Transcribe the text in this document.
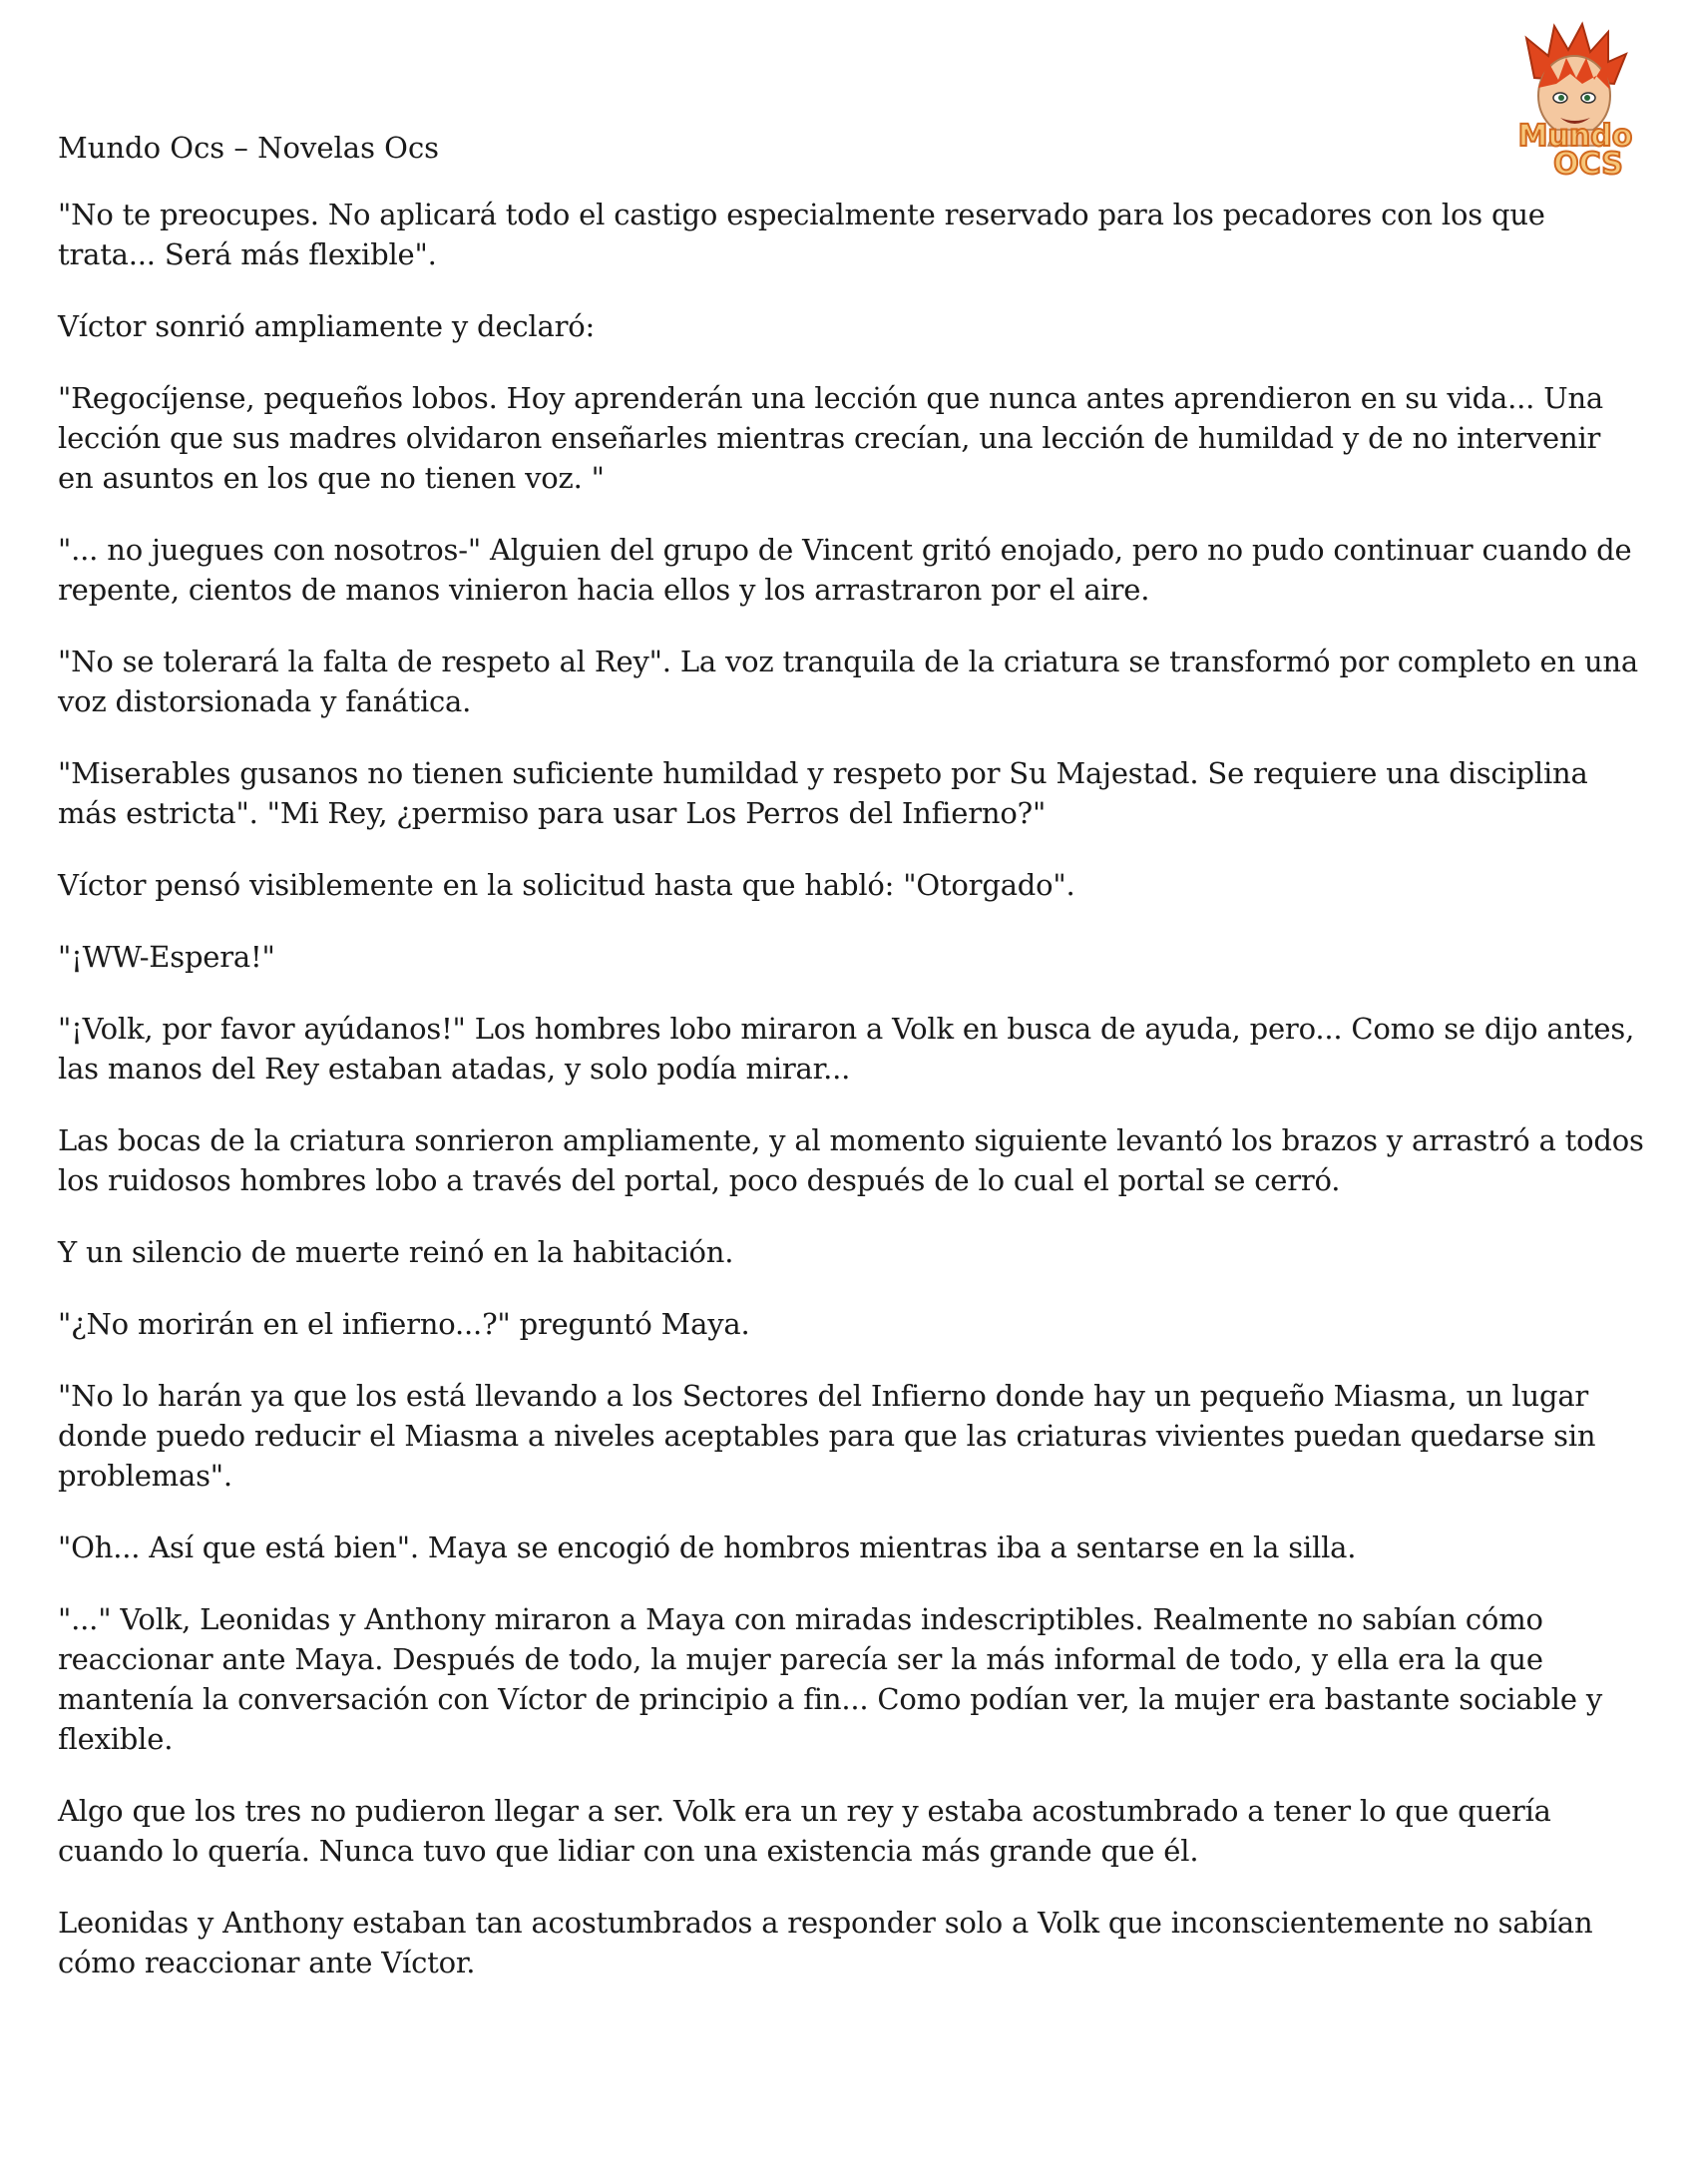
Mundo
OCS
Mundo Ocs – Novelas Ocs
"No te preocupes. No aplicará todo el castigo especialmente reservado para los pecadores con los que trata... Será más flexible".
Víctor sonrió ampliamente y declaró:
"Regocíjense, pequeños lobos. Hoy aprenderán una lección que nunca antes aprendieron en su vida... Una lección que sus madres olvidaron enseñarles mientras crecían, una lección de humildad y de no intervenir en asuntos en los que no tienen voz. "
"... no juegues con nosotros-" Alguien del grupo de Vincent gritó enojado, pero no pudo continuar cuando de repente, cientos de manos vinieron hacia ellos y los arrastraron por el aire.
"No se tolerará la falta de respeto al Rey". La voz tranquila de la criatura se transformó por completo en una voz distorsionada y fanática.
"Miserables gusanos no tienen suficiente humildad y respeto por Su Majestad. Se requiere una disciplina más estricta". "Mi Rey, ¿permiso para usar Los Perros del Infierno?"
Víctor pensó visiblemente en la solicitud hasta que habló: "Otorgado".
"¡WW-Espera!"
"¡Volk, por favor ayúdanos!" Los hombres lobo miraron a Volk en busca de ayuda, pero... Como se dijo antes, las manos del Rey estaban atadas, y solo podía mirar...
Las bocas de la criatura sonrieron ampliamente, y al momento siguiente levantó los brazos y arrastró a todos los ruidosos hombres lobo a través del portal, poco después de lo cual el portal se cerró.
Y un silencio de muerte reinó en la habitación.
"¿No morirán en el infierno...?" preguntó Maya.
"No lo harán ya que los está llevando a los Sectores del Infierno donde hay un pequeño Miasma, un lugar donde puedo reducir el Miasma a niveles aceptables para que las criaturas vivientes puedan quedarse sin problemas".
"Oh... Así que está bien". Maya se encogió de hombros mientras iba a sentarse en la silla.
"..." Volk, Leonidas y Anthony miraron a Maya con miradas indescriptibles. Realmente no sabían cómo reaccionar ante Maya. Después de todo, la mujer parecía ser la más informal de todo, y ella era la que mantenía la conversación con Víctor de principio a fin... Como podían ver, la mujer era bastante sociable y flexible.
Algo que los tres no pudieron llegar a ser. Volk era un rey y estaba acostumbrado a tener lo que quería cuando lo quería. Nunca tuvo que lidiar con una existencia más grande que él.
Leonidas y Anthony estaban tan acostumbrados a responder solo a Volk que inconscientemente no sabían cómo reaccionar ante Víctor.
